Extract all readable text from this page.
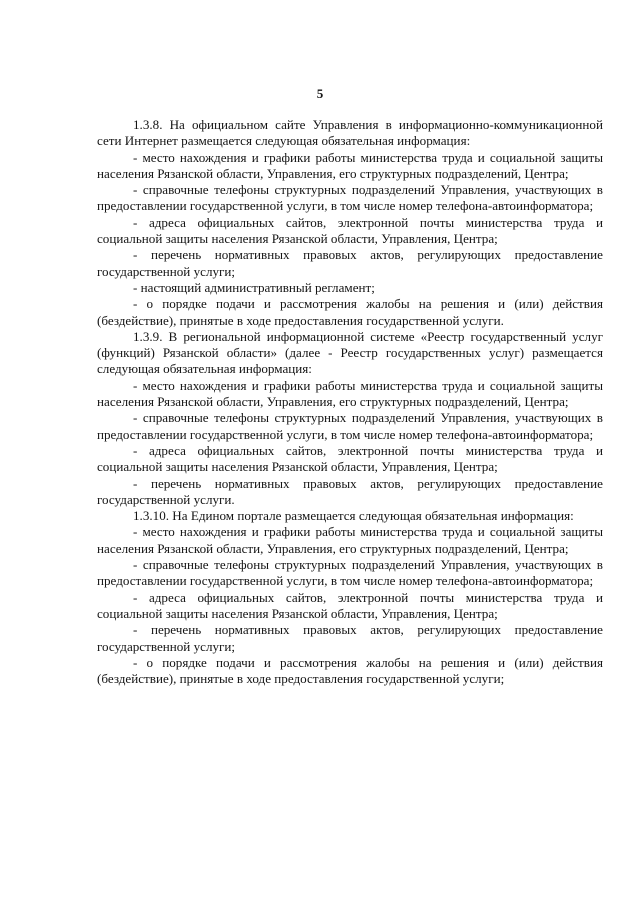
5

1.3.8. На официальном сайте Управления в информационно-коммуникационной сети Интернет размещается следующая обязательная информация:

- место нахождения и графики работы министерства труда и социальной защиты населения Рязанской области, Управления, его структурных подразделений, Центра;

- справочные телефоны структурных подразделений Управления, участвующих в предоставлении государственной услуги, в том числе номер телефона-автоинформатора;

- адреса официальных сайтов, электронной почты министерства труда и социальной защиты населения Рязанской области, Управления, Центра;

- перечень нормативных правовых актов, регулирующих предоставление государственной услуги;

- настоящий административный регламент;

- о порядке подачи и рассмотрения жалобы на решения и (или) действия (бездействие), принятые в ходе предоставления государственной услуги.

1.3.9. В региональной информационной системе «Реестр государственный услуг (функций) Рязанской области» (далее - Реестр государственных услуг) размещается следующая обязательная информация:

- место нахождения и графики работы министерства труда и социальной защиты населения Рязанской области, Управления, его структурных подразделений, Центра;

- справочные телефоны структурных подразделений Управления, участвующих в предоставлении государственной услуги, в том числе номер телефона-автоинформатора;

- адреса официальных сайтов, электронной почты министерства труда и социальной защиты населения Рязанской области, Управления, Центра;

- перечень нормативных правовых актов, регулирующих предоставление государственной услуги.

1.3.10. На Едином портале размещается следующая обязательная информация:

- место нахождения и графики работы министерства труда и социальной защиты населения Рязанской области, Управления, его структурных подразделений, Центра;

- справочные телефоны структурных подразделений Управления, участвующих в предоставлении государственной услуги, в том числе номер телефона-автоинформатора;

- адреса официальных сайтов, электронной почты министерства труда и социальной защиты населения Рязанской области, Управления, Центра;

- перечень нормативных правовых актов, регулирующих предоставление государственной услуги;

- о порядке подачи и рассмотрения жалобы на решения и (или) действия (бездействие), принятые в ходе предоставления государственной услуги;
